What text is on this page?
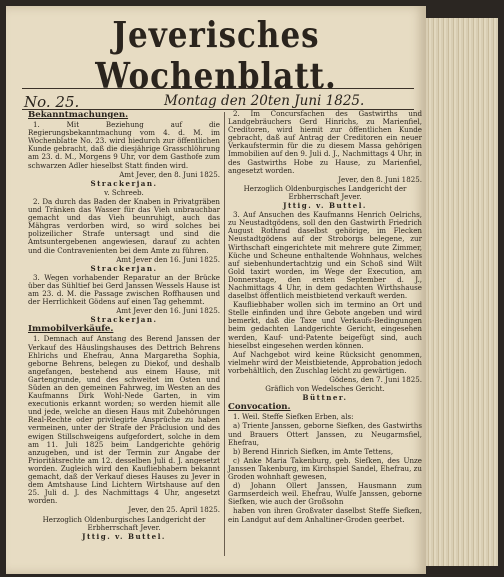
Jeverisches Wochenblatt.
No. 25.	Montag den 20ten Juni 1825.
Bekanntmachungen.

1. Mit Beziehung auf die Regierungsbekanntmachung vom 4. d. M. im Wochenblatte No. 23. wird hiedurch zur öffentlichen Kunde gebracht, daß die diesjährige Grasschlöhrung am 23. d. M., Morgens 9 Uhr, vor dem Gasthofe zum schwarzen Adler hieselbst Statt finden wird.

Amt Jever, den 8. Juni 1825.

Strackerjan.

v. Schreeb.

2. Da durch das Baden der Knaben in Privatgräben und Tränken das Wasser für das Vieh unbrauchbar gemacht und das Vieh beunruhigt, auch das Mähgras verdorben wird, so wird solches bei polizeilicher Strafe untersagt und sind die Amtsuntergebenen angewiesen, darauf zu achten und die Contravenienten bei dem Amte zu führen.

Amt Jever den 16. Juni 1825.

Strackerjan.

3. Wegen vorhabender Reparatur an der Brücke über das Sühltief bei Gerd Janssen Wessels Hause ist am 23. d. M. die Passage zwischen Roffhausen und der Herrlichkeit Gödens auf einen Tag gehemmt.

Amt Jever den 16. Juni 1825.

Strackerjan.

Immobilverkäufe.

1. Demnach auf Anstang des Berend Janssen der Verkauf des Häuslingshauses des Dettrich Behrens Ehlrichs und Ehefrau, Anna Margaretha Sophia, geborne Behrens, belegen zu Diekof, und deshalb angefangen, bestehend aus einem Hause, mit Gartengrunde, und des schweitet im Osten und Süden an den gemeinen Fahrweg, im Westen an des Kaufmanns Dirk Wohl-Nede Garten, in vim executionis erkannt worden; so werden hiemit alle und jede, welche an diesen Haus mit Zubehörungen Real-Rechte oder privilegirte Ansprüche zu haben vermeinen, unter der Strafe der Präclusion und des ewigen Stillschweigens aufgefordert, solche in dem am 11. Juli 1825 beim Landgerichte gehörig anzugeben, und ist der Termin zur Angabe der Prioritätsrechte am 12. desselben Juli d. J. angesetzt worden. Zugleich wird den Kaufliebhabern bekannt gemacht, daß der Verkauf dieses Hauses zu Jever in dem Amtshause Lind Lichtern Wirtshause auf den 25. Juli d. J. des Nachmittags 4 Uhr, angesetzt worden.

Jever, den 25. April 1825.

Herzoglich Oldenburgisches Landgericht der Erbherrschaft Jever.

Jttig. v. Buttel.

2. Im Concursfachen des Gastwirths und Landgebräuchers Gerd Hinrichs, zu Marienfiel, Creditoren, wird hiemit zur öffentlichen Kunde gebracht, daß auf Antrag der Creditoren ein neuer Verkaufstermin für die zu diesem Massa gehörigen Immobilien auf den 9. Juli d. J., Nachmittags 4 Uhr, in des Gastwirths Hobe zu Hause, zu Marienfiel, angesetzt worden.

Jever, den 8. Juni 1825.

Herzoglich Oldenburgisches Landgericht der Erbherrschaft Jever.

Jttig. v. Buttel.

3. Auf Ansuchen des Kaufmanns Henrich Oelrichs, zu Neustadtgödens, soll den den Gastwirth Friedrich August Rothrad daselbst gehörige, im Flecken Neustadtgödens auf der Stroborgs belegene, zur Wirthschaft eingerichtete mit mehrere gute Zimmer, Küche und Scheune enthaltende Wohnhaus, welches auf siebenhundertachtzig und ein Schoß sind Wilt Gold taxirt worden, im Wege der Execution, am Donnerstage, den ersten September d. J., Nachmittags 4 Uhr, in dem gedachten Wirthshause daselbst öffentlich meistbietend verkauft werden.

Kaufliebhaber wollen sich im termino an Ort und Stelle einfinden und ihre Gebote angeben und wird bemerkt, daß die Taxe und Verkaufs-Bedingungen beim gedachten Landgerichte Gericht, eingesehen werden, Kauf- und-Patente beigefügt sind, auch hieselbst eingesehen werden können.

Auf Nachgebot wird keine Rücksicht genommen, vielmehr wird der Meistbietende, Approbation jedoch vorbehältlich, den Zuschlag leicht zu gewärtigen.

Gödens, den 7. Juni 1825.

Gräflich von Wedelsches Gericht.

Büttner.

Convocation.

1. Weil. Steffe Siefken Erben, als:

a) Triente Janssen, geborne Siefken, des Gastwirths und Brauers Ottert Janssen, zu Neugarmsfiel, Ehefrau,

b) Berend Hinrich Siefken, im Amte Tettens,

c) Anke Maria Takenburg, geb. Siefken, des Unze Janssen Takenburg, im Kirchspiel Sandel, Ehefrau, zu Groden wohnhaft gewesen,

d) Johann Ollert Janssen, Hausmann zum Garmserdeich weil. Ehefrau, Wulfe Janssen, geborne Siefken, wie auch der Großsohn

haben von ihren Großvater daselbst Steffe Siefken, ein Landgut auf dem Anhaltiner-Groden geerbet.
